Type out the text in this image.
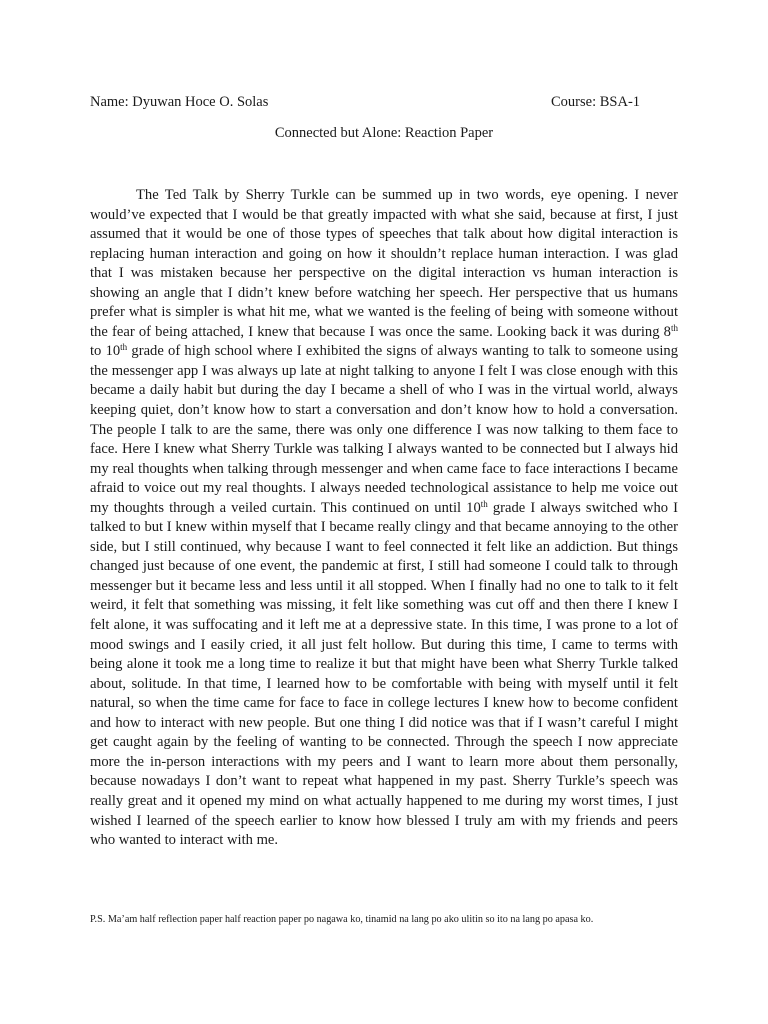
Name: Dyuwan Hoce O. Solas	Course: BSA-1
Connected but Alone: Reaction Paper

The Ted Talk by Sherry Turkle can be summed up in two words, eye opening. I never would’ve expected that I would be that greatly impacted with what she said, because at first, I just assumed that it would be one of those types of speeches that talk about how digital interaction is replacing human interaction and going on how it shouldn’t replace human interaction. I was glad that I was mistaken because her perspective on the digital interaction vs human interaction is showing an angle that I didn’t knew before watching her speech. Her perspective that us humans prefer what is simpler is what hit me, what we wanted is the feeling of being with someone without the fear of being attached, I knew that because I was once the same. Looking back it was during 8th to 10th grade of high school where I exhibited the signs of always wanting to talk to someone using the messenger app I was always up late at night talking to anyone I felt I was close enough with this became a daily habit but during the day I became a shell of who I was in the virtual world, always keeping quiet, don’t know how to start a conversation and don’t know how to hold a conversation. The people I talk to are the same, there was only one difference I was now talking to them face to face. Here I knew what Sherry Turkle was talking I always wanted to be connected but I always hid my real thoughts when talking through messenger and when came face to face interactions I became afraid to voice out my real thoughts. I always needed technological assistance to help me voice out my thoughts through a veiled curtain. This continued on until 10th grade I always switched who I talked to but I knew within myself that I became really clingy and that became annoying to the other side, but I still continued, why because I want to feel connected it felt like an addiction. But things changed just because of one event, the pandemic at first, I still had someone I could talk to through messenger but it became less and less until it all stopped. When I finally had no one to talk to it felt weird, it felt that something was missing, it felt like something was cut off and then there I knew I felt alone, it was suffocating and it left me at a depressive state. In this time, I was prone to a lot of mood swings and I easily cried, it all just felt hollow. But during this time, I came to terms with being alone it took me a long time to realize it but that might have been what Sherry Turkle talked about, solitude. In that time, I learned how to be comfortable with being with myself until it felt natural, so when the time came for face to face in college lectures I knew how to become confident and how to interact with new people. But one thing I did notice was that if I wasn’t careful I might get caught again by the feeling of wanting to be connected. Through the speech I now appreciate more the in-person interactions with my peers and I want to learn more about them personally, because nowadays I don’t want to repeat what happened in my past. Sherry Turkle’s speech was really great and it opened my mind on what actually happened to me during my worst times, I just wished I learned of the speech earlier to know how blessed I truly am with my friends and peers who wanted to interact with me.

P.S. Ma’am half reflection paper half reaction paper po nagawa ko, tinamid na lang po ako ulitin so ito na lang po apasa ko.
